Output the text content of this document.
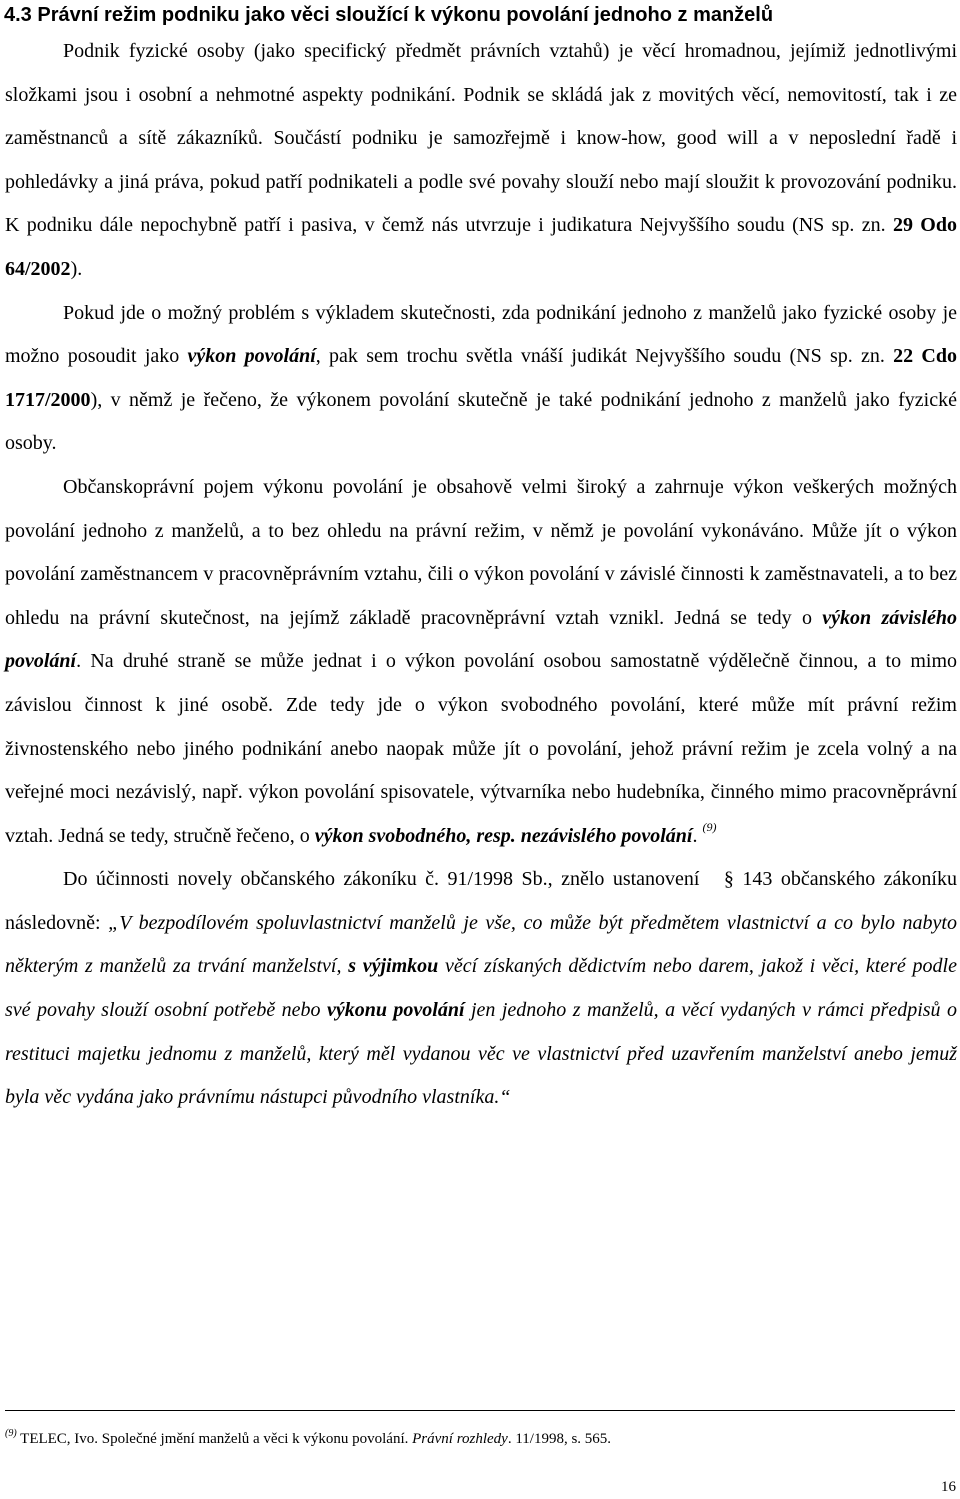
4.3 Právní režim podniku jako věci sloužící k výkonu povolání jednoho z manželů

Podnik fyzické osoby (jako specifický předmět právních vztahů) je věcí hromadnou, jejímiž jednotlivými složkami jsou i osobní a nehmotné aspekty podnikání. Podnik se skládá jak z movitých věcí, nemovitostí, tak i ze zaměstnanců a sítě zákazníků. Součástí podniku je samozřejmě i know-how, good will a v neposlední řadě i pohledávky a jiná práva, pokud patří podnikateli a podle své povahy slouží nebo mají sloužit k provozování podniku. K podniku dále nepochybně patří i pasiva, v čemž nás utvrzuje i judikatura Nejvyššího soudu (NS sp. zn. 29 Odo 64/2002).

Pokud jde o možný problém s výkladem skutečnosti, zda podnikání jednoho z manželů jako fyzické osoby je možno posoudit jako výkon povolání, pak sem trochu světla vnáší judikát Nejvyššího soudu (NS sp. zn. 22 Cdo 1717/2000), v němž je řečeno, že výkonem povolání skutečně je také podnikání jednoho z manželů jako fyzické osoby.

Občanskoprávní pojem výkonu povolání je obsahově velmi široký a zahrnuje výkon veškerých možných povolání jednoho z manželů, a to bez ohledu na právní režim, v němž je povolání vykonáváno. Může jít o výkon povolání zaměstnancem v pracovněprávním vztahu, čili o výkon povolání v závislé činnosti k zaměstnavateli, a to bez ohledu na právní skutečnost, na jejímž základě pracovněprávní vztah vznikl. Jedná se tedy o výkon závislého povolání. Na druhé straně se může jednat i o výkon povolání osobou samostatně výdělečně činnou, a to mimo závislou činnost k jiné osobě. Zde tedy jde o výkon svobodného povolání, které může mít právní režim živnostenského nebo jiného podnikání anebo naopak může jít o povolání, jehož právní režim je zcela volný a na veřejné moci nezávislý, např. výkon povolání spisovatele, výtvarníka nebo hudebníka, činného mimo pracovněprávní vztah. Jedná se tedy, stručně řečeno, o výkon svobodného, resp. nezávislého povolání. $^{(9)}$

Do účinnosti novely občanského zákoníku č. 91/1998 Sb., znělo ustanovení § 143 občanského zákoníku následovně: „V bezpodílovém spoluvlastnictví manželů je vše, co může být předmětem vlastnictví a co bylo nabyto některým z manželů za trvání manželství, s výjimkou věcí získaných dědictvím nebo darem, jakož i věci, které podle své povahy slouží osobní potřebě nebo výkonu povolání jen jednoho z manželů, a věcí vydaných v rámci předpisů o restituci majetku jednomu z manželů, který měl vydanou věc ve vlastnictví před uzavřením manželství anebo jemuž byla věc vydána jako právnímu nástupci původního vlastníka.“

$^{(9)}$ TELEC, Ivo. Společné jmění manželů a věci k výkonu povolání. Právní rozhledy. 11/1998, s. 565.
16
